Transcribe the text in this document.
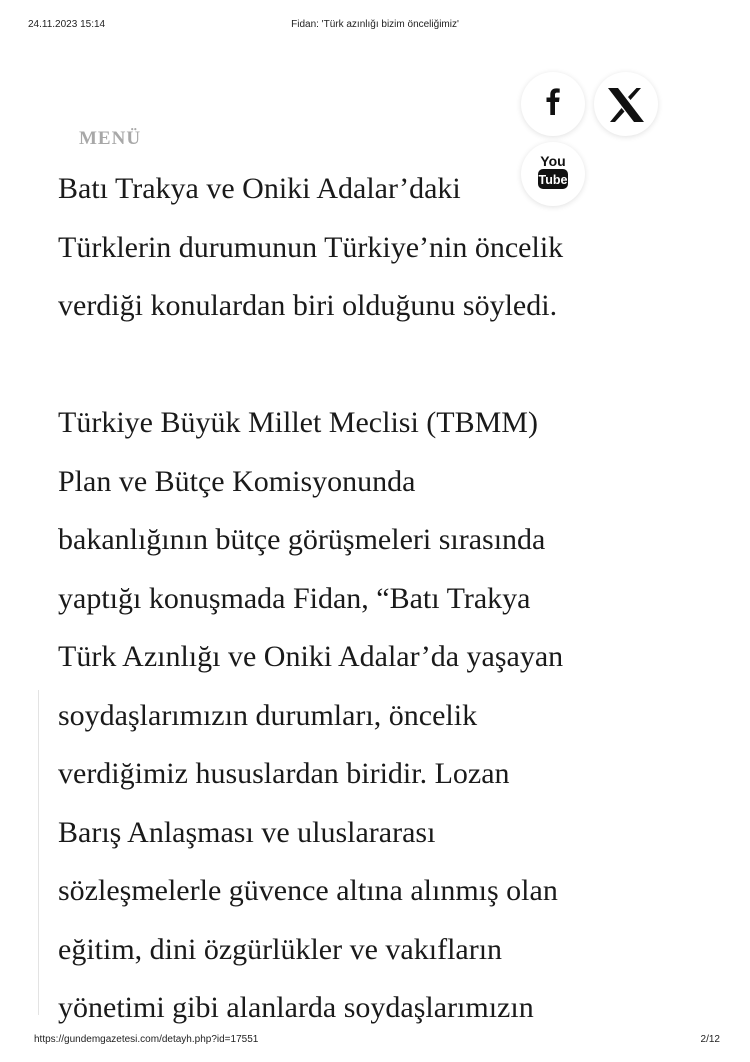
24.11.2023 15:14	Fidan: 'Türk azınlığı bizim önceliğimiz'
MENÜ

Batı Trakya ve Oniki Adalar’daki

Türklerin durumunun Türkiye’nin öncelik

verdiği konulardan biri olduğunu söyledi.

Türkiye Büyük Millet Meclisi (TBMM)

Plan ve Bütçe Komisyonunda

bakanlığının bütçe görüşmeleri sırasında

yaptığı konuşmada Fidan, “Batı Trakya

Türk Azınlığı ve Oniki Adalar’da yaşayan

soydaşlarımızın durumları, öncelik

verdiğimiz hususlardan biridir. Lozan

Barış Anlaşması ve uluslararası

sözleşmelerle güvence altına alınmış olan

eğitim, dini özgürlükler ve vakıfların

yönetimi gibi alanlarda soydaşlarımızın

You
Tube
https://gundemgazetesi.com/detayh.php?id=17551	2/12
